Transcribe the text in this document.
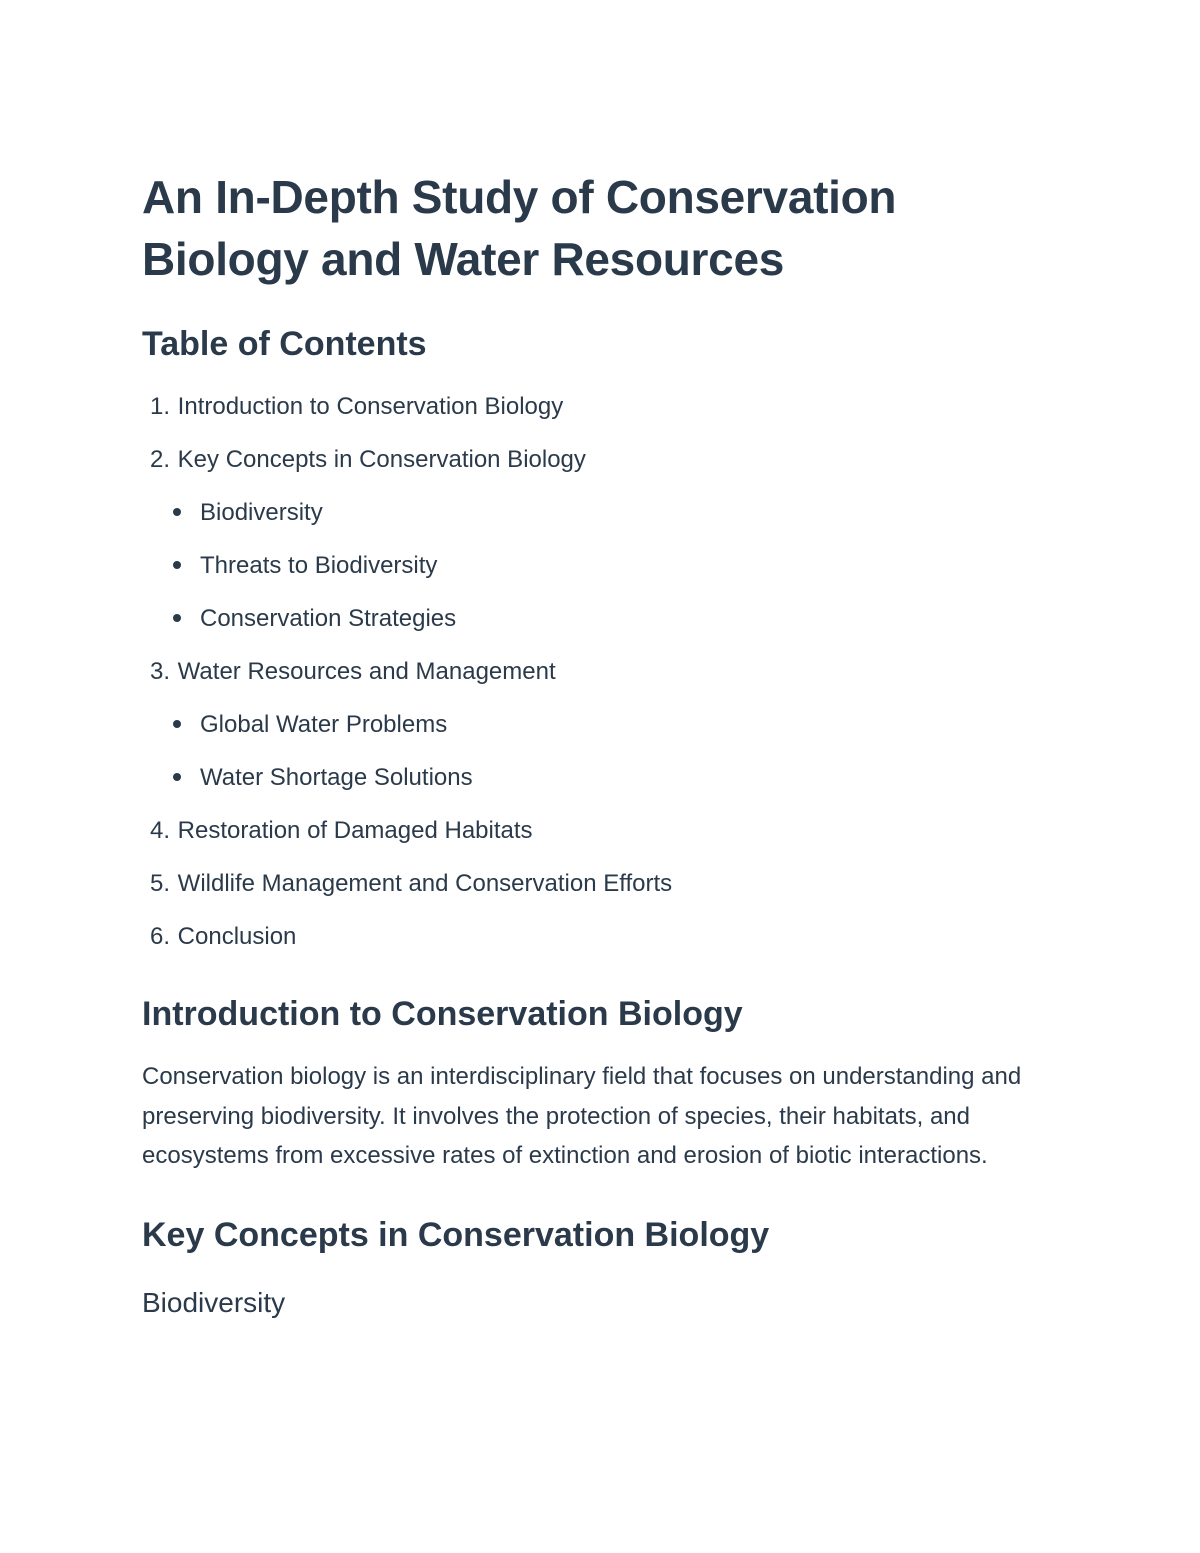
An In-Depth Study of Conservation
Biology and Water Resources
Table of Contents
1. Introduction to Conservation Biology
2. Key Concepts in Conservation Biology
Biodiversity
Threats to Biodiversity
Conservation Strategies
3. Water Resources and Management
Global Water Problems
Water Shortage Solutions
4. Restoration of Damaged Habitats
5. Wildlife Management and Conservation Efforts
6. Conclusion
Introduction to Conservation Biology

Conservation biology is an interdisciplinary field that focuses on understanding and preserving biodiversity. It involves the protection of species, their habitats, and ecosystems from excessive rates of extinction and erosion of biotic interactions.

Key Concepts in Conservation Biology
Biodiversity
